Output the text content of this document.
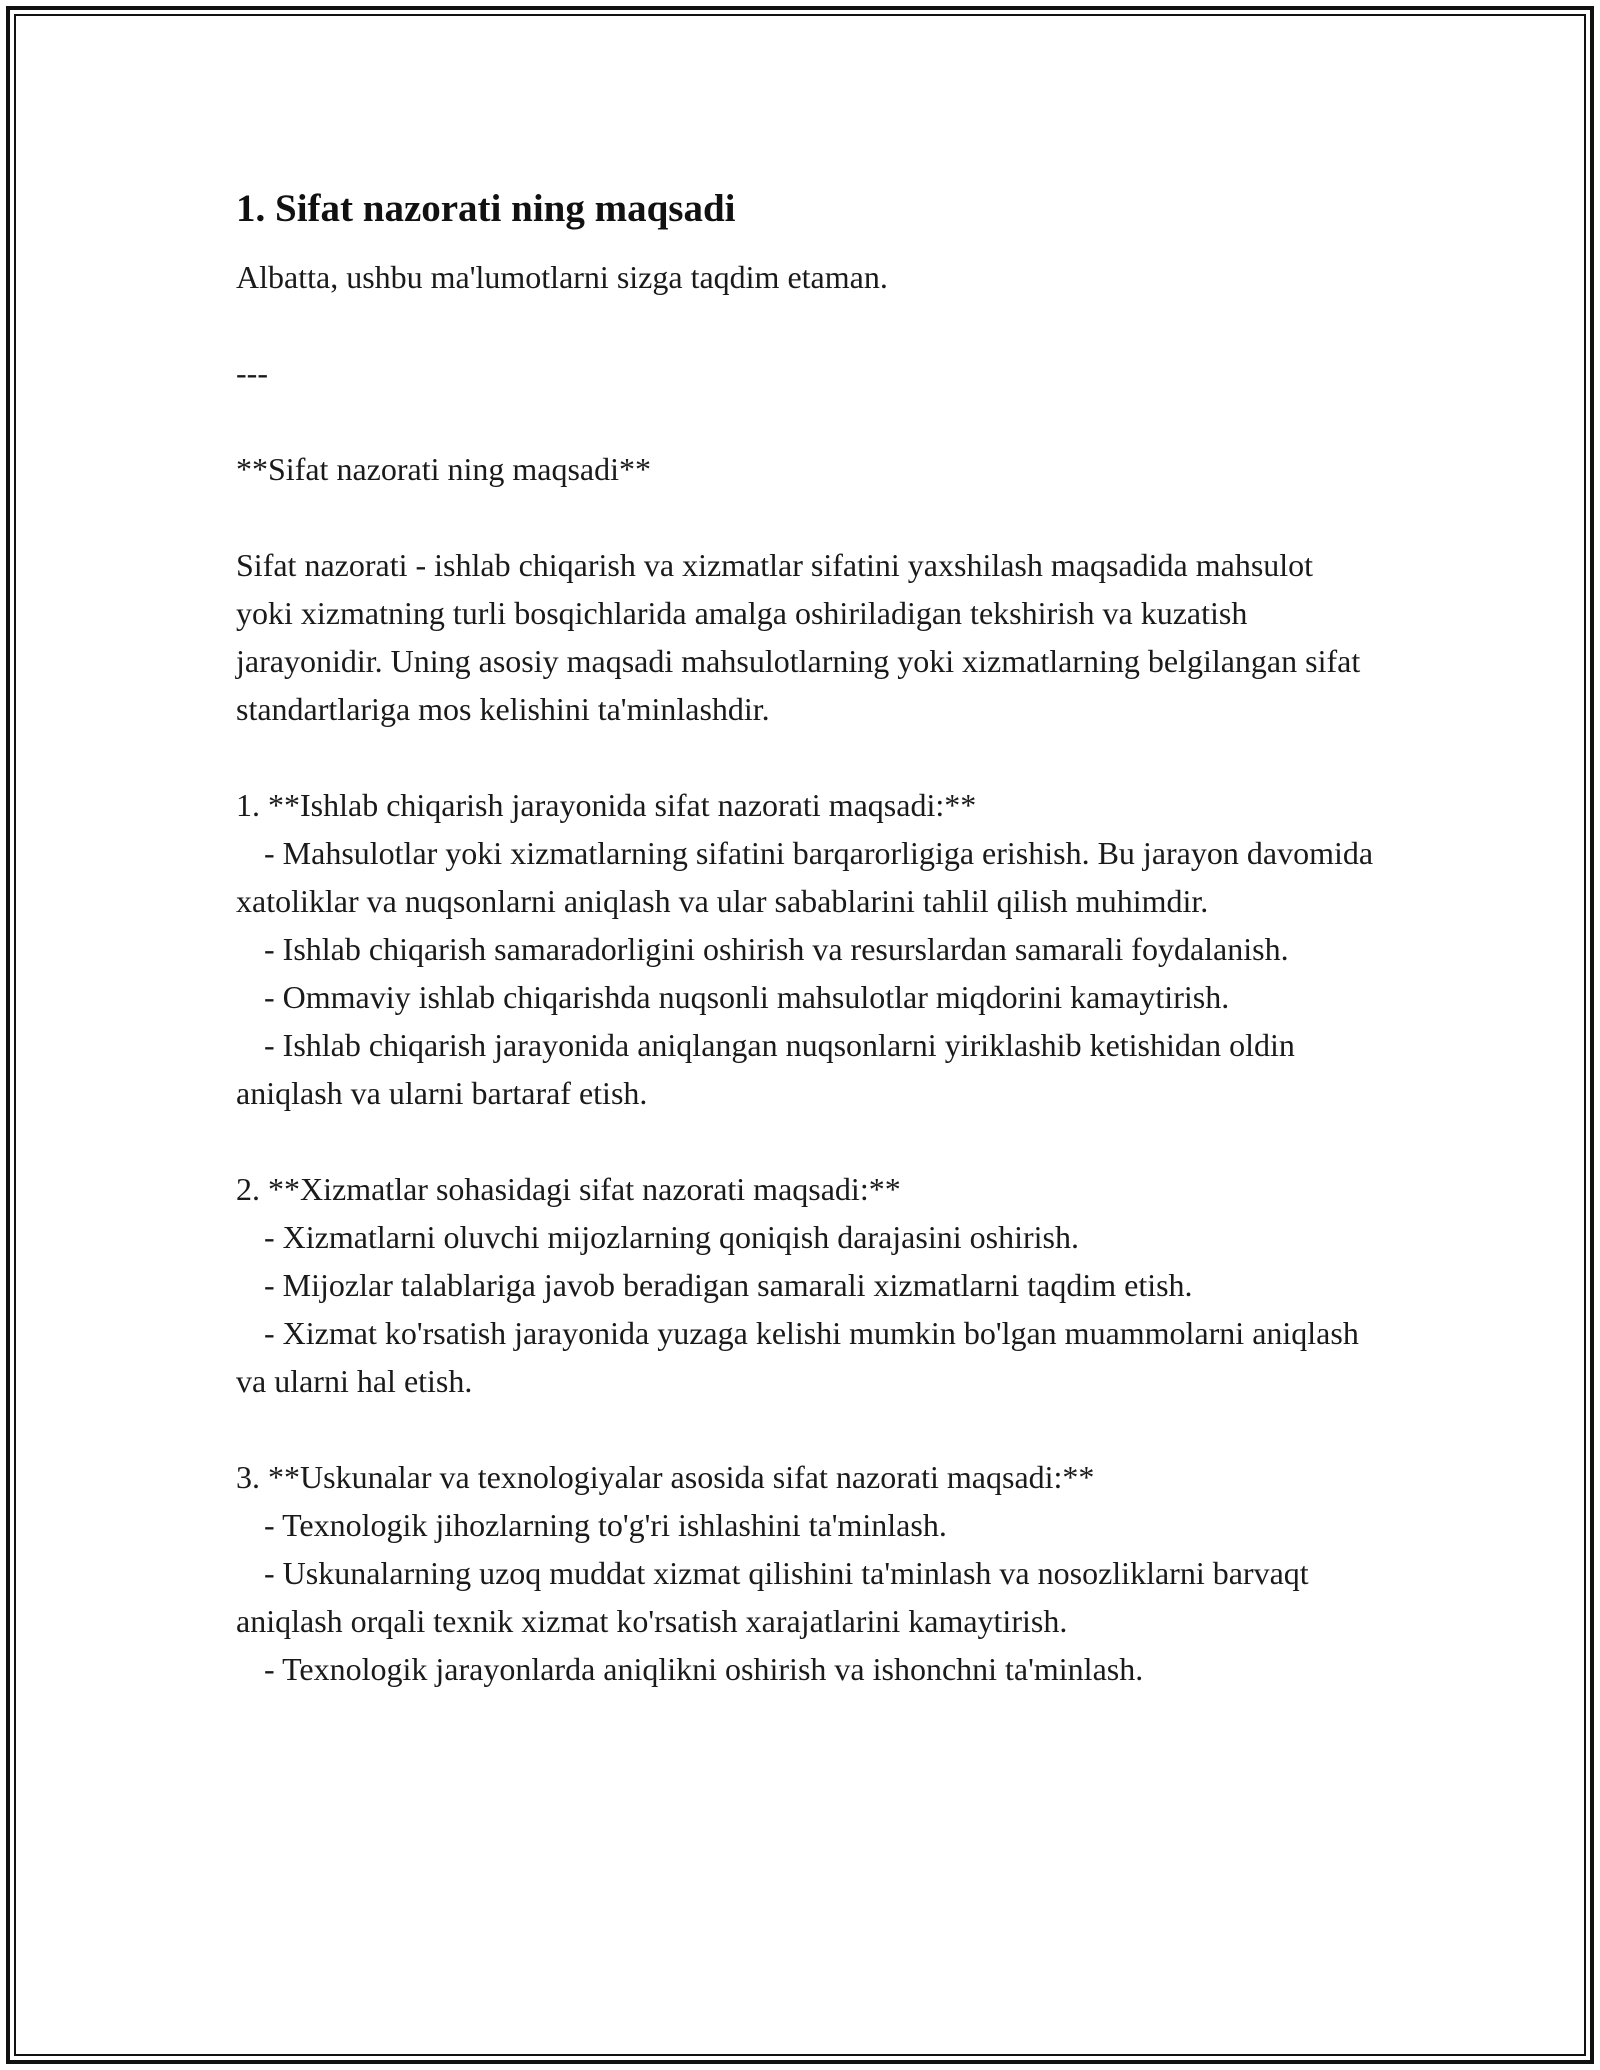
1. Sifat nazorati ning maqsadi

Albatta, ushbu ma'lumotlarni sizga taqdim etaman.

---

**Sifat nazorati ning maqsadi**

Sifat nazorati - ishlab chiqarish va xizmatlar sifatini yaxshilash maqsadida mahsulot yoki xizmatning turli bosqichlarida amalga oshiriladigan tekshirish va kuzatish jarayonidir. Uning asosiy maqsadi mahsulotlarning yoki xizmatlarning belgilangan sifat standartlariga mos kelishini ta'minlashdir.

1. **Ishlab chiqarish jarayonida sifat nazorati maqsadi:**

- Mahsulotlar yoki xizmatlarning sifatini barqarorligiga erishish. Bu jarayon davomida xatoliklar va nuqsonlarni aniqlash va ular sabablarini tahlil qilish muhimdir.

- Ishlab chiqarish samaradorligini oshirish va resurslardan samarali foydalanish.

- Ommaviy ishlab chiqarishda nuqsonli mahsulotlar miqdorini kamaytirish.

- Ishlab chiqarish jarayonida aniqlangan nuqsonlarni yiriklashib ketishidan oldin aniqlash va ularni bartaraf etish.

2. **Xizmatlar sohasidagi sifat nazorati maqsadi:**

- Xizmatlarni oluvchi mijozlarning qoniqish darajasini oshirish.

- Mijozlar talablariga javob beradigan samarali xizmatlarni taqdim etish.

- Xizmat ko'rsatish jarayonida yuzaga kelishi mumkin bo'lgan muammolarni aniqlash va ularni hal etish.

3. **Uskunalar va texnologiyalar asosida sifat nazorati maqsadi:**

- Texnologik jihozlarning to'g'ri ishlashini ta'minlash.

- Uskunalarning uzoq muddat xizmat qilishini ta'minlash va nosozliklarni barvaqt aniqlash orqali texnik xizmat ko'rsatish xarajatlarini kamaytirish.

- Texnologik jarayonlarda aniqlikni oshirish va ishonchni ta'minlash.
